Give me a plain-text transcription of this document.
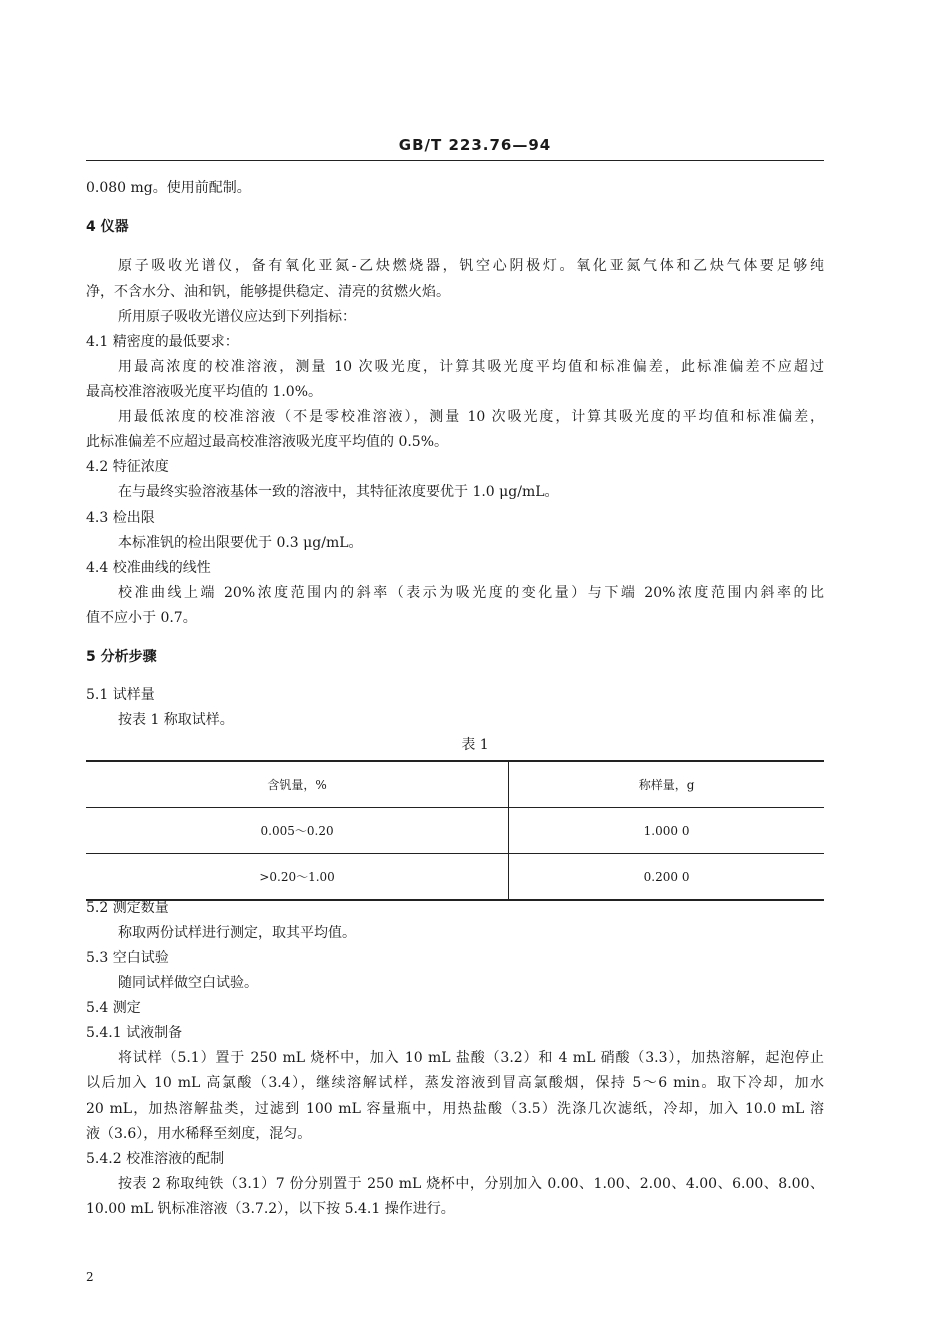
GB/T 223.76—94
0.080 mg。使用前配制。
4 仪器
原子吸收光谱仪，备有氧化亚氮-乙炔燃烧器，钒空心阴极灯。氧化亚氮气体和乙炔气体要足够纯
净，不含水分、油和钒，能够提供稳定、清亮的贫燃火焰。
所用原子吸收光谱仪应达到下列指标：
4.1 精密度的最低要求：
用最高浓度的校准溶液，测量 10 次吸光度，计算其吸光度平均值和标准偏差，此标准偏差不应超过
最高校准溶液吸光度平均值的 1.0%。
用最低浓度的校准溶液（不是零校准溶液），测量 10 次吸光度，计算其吸光度的平均值和标准偏差，
此标准偏差不应超过最高校准溶液吸光度平均值的 0.5%。
4.2 特征浓度
在与最终实验溶液基体一致的溶液中，其特征浓度要优于 1.0 μg/mL。
4.3 检出限
本标准钒的检出限要优于 0.3 μg/mL。
4.4 校准曲线的线性
校准曲线上端 20%浓度范围内的斜率（表示为吸光度的变化量）与下端 20%浓度范围内斜率的比
值不应小于 0.7。
5 分析步骤
5.1 试样量
按表 1 称取试样。
表 1
含钒量，%	称样量，g
0.005～0.20	1.000 0
>0.20～1.00	0.200 0
5.2 测定数量
称取两份试样进行测定，取其平均值。
5.3 空白试验
随同试样做空白试验。
5.4 测定
5.4.1 试液制备
将试样（5.1）置于 250 mL 烧杯中，加入 10 mL 盐酸（3.2）和 4 mL 硝酸（3.3），加热溶解，起泡停止
以后加入 10 mL 高氯酸（3.4），继续溶解试样，蒸发溶液到冒高氯酸烟，保持 5～6 min。取下冷却，加水
20 mL，加热溶解盐类，过滤到 100 mL 容量瓶中，用热盐酸（3.5）洗涤几次滤纸，冷却，加入 10.0 mL 溶
液（3.6），用水稀释至刻度，混匀。
5.4.2 校准溶液的配制
按表 2 称取纯铁（3.1）7 份分别置于 250 mL 烧杯中，分别加入 0.00、1.00、2.00、4.00、6.00、8.00、
10.00 mL 钒标准溶液（3.7.2），以下按 5.4.1 操作进行。
2
